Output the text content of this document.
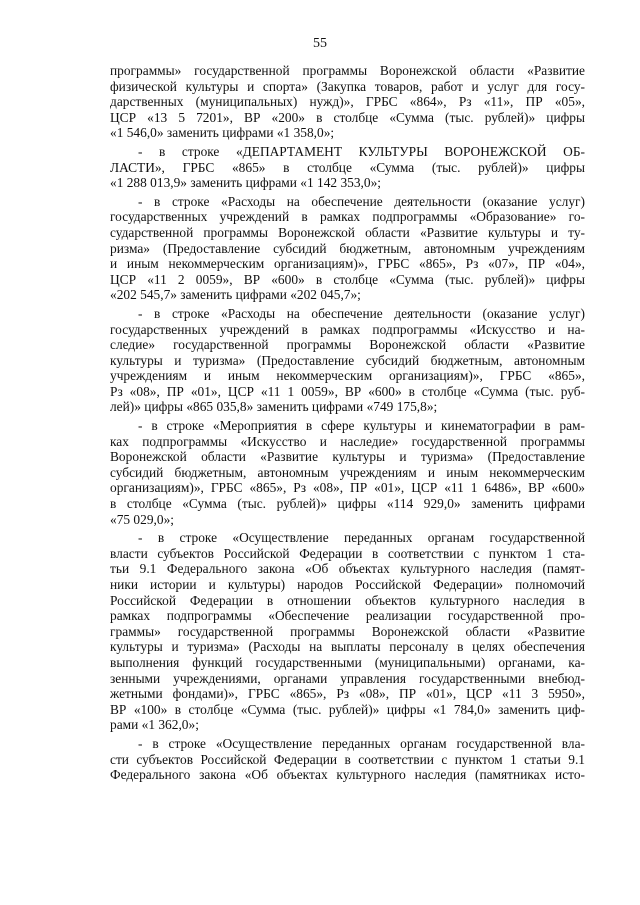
55
программы» государственной программы Воронежской области «Развитие
физической культуры и спорта» (Закупка товаров, работ и услуг для госу-
дарственных (муниципальных) нужд)», ГРБС «864», Рз «11», ПР «05»,
ЦСР «13 5 7201», ВР «200» в столбце «Сумма (тыс. рублей)» цифры
«1 546,0» заменить цифрами «1 358,0»;
- в строке «ДЕПАРТАМЕНТ КУЛЬТУРЫ ВОРОНЕЖСКОЙ ОБ-
ЛАСТИ», ГРБС «865» в столбце «Сумма (тыс. рублей)» цифры
«1 288 013,9» заменить цифрами «1 142 353,0»;
- в строке «Расходы на обеспечение деятельности (оказание услуг)
государственных учреждений в рамках подпрограммы «Образование» го-
сударственной программы Воронежской области «Развитие культуры и ту-
ризма» (Предоставление субсидий бюджетным, автономным учреждениям
и иным некоммерческим организациям)», ГРБС «865», Рз «07», ПР «04»,
ЦСР «11 2 0059», ВР «600» в столбце «Сумма (тыс. рублей)» цифры
«202 545,7» заменить цифрами «202 045,7»;
- в строке «Расходы на обеспечение деятельности (оказание услуг)
государственных учреждений в рамках подпрограммы «Искусство и на-
следие» государственной программы Воронежской области «Развитие
культуры и туризма» (Предоставление субсидий бюджетным, автономным
учреждениям и иным некоммерческим организациям)», ГРБС «865»,
Рз «08», ПР «01», ЦСР «11 1 0059», ВР «600» в столбце «Сумма (тыс. руб-
лей)» цифры «865 035,8» заменить цифрами «749 175,8»;
- в строке «Мероприятия в сфере культуры и кинематографии в рам-
ках подпрограммы «Искусство и наследие» государственной программы
Воронежской области «Развитие культуры и туризма» (Предоставление
субсидий бюджетным, автономным учреждениям и иным некоммерческим
организациям)», ГРБС «865», Рз «08», ПР «01», ЦСР «11 1 6486», ВР «600»
в столбце «Сумма (тыс. рублей)» цифры «114 929,0» заменить цифрами
«75 029,0»;
- в строке «Осуществление переданных органам государственной
власти субъектов Российской Федерации в соответствии с пунктом 1 ста-
тьи 9.1 Федерального закона «Об объектах культурного наследия (памят-
ники истории и культуры) народов Российской Федерации» полномочий
Российской Федерации в отношении объектов культурного наследия в
рамках подпрограммы «Обеспечение реализации государственной про-
граммы» государственной программы Воронежской области «Развитие
культуры и туризма» (Расходы на выплаты персоналу в целях обеспечения
выполнения функций государственными (муниципальными) органами, ка-
зенными учреждениями, органами управления государственными внебюд-
жетными фондами)», ГРБС «865», Рз «08», ПР «01», ЦСР «11 3 5950»,
ВР «100» в столбце «Сумма (тыс. рублей)» цифры «1 784,0» заменить циф-
рами «1 362,0»;
- в строке «Осуществление переданных органам государственной вла-
сти субъектов Российской Федерации в соответствии с пунктом 1 статьи 9.1
Федерального закона «Об объектах культурного наследия (памятниках исто-
